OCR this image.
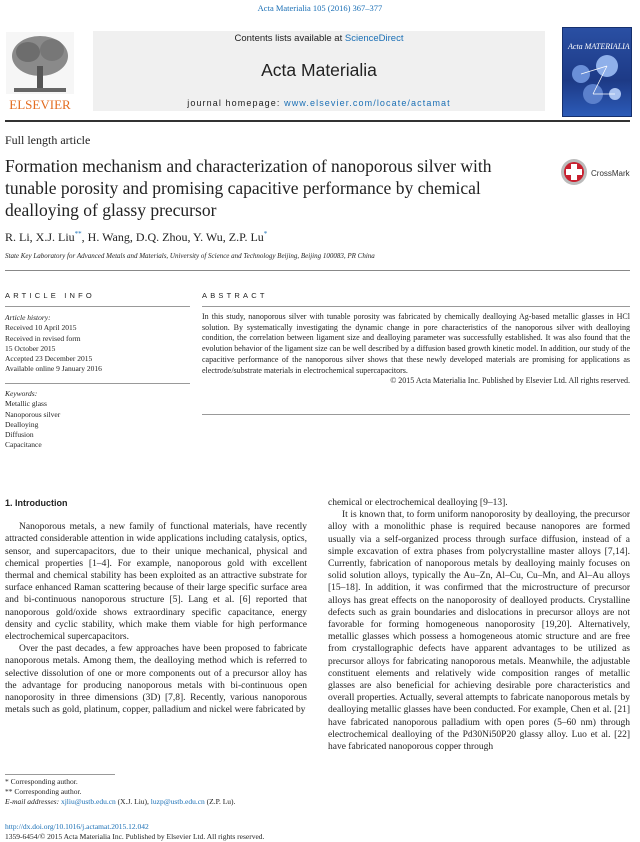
Acta Materialia 105 (2016) 367–377
ELSEVIER
Contents lists available at ScienceDirect
Acta Materialia
journal homepage: www.elsevier.com/locate/actamat
Acta MATERIALIA
Full length article
Formation mechanism and characterization of nanoporous silver with tunable porosity and promising capacitive performance by chemical dealloying of glassy precursor
CrossMark
R. Li, X.J. Liu**, H. Wang, D.Q. Zhou, Y. Wu, Z.P. Lu*
State Key Laboratory for Advanced Metals and Materials, University of Science and Technology Beijing, Beijing 100083, PR China
ARTICLE INFO	ABSTRACT
Article history:
Received 10 April 2015
Received in revised form
15 October 2015
Accepted 23 December 2015
Available online 9 January 2016
Keywords:
Metallic glass
Nanoporous silver
Dealloying
Diffusion
Capacitance
In this study, nanoporous silver with tunable porosity was fabricated by chemically dealloying Ag-based metallic glasses in HCl solution. By systematically investigating the dynamic change in pore characteristics of the nanoporous silver with dealloying condition, the correlation between ligament size and dealloying parameter was successfully established. It was also found that the evolution behavior of the ligament size can be well described by a diffusion based growth kinetic model. In addition, our study of the capacitive performance of the nanoporous silver shows that these newly developed materials are promising for applications as electrode/substrate materials in electrochemical supercapacitors.
© 2015 Acta Materialia Inc. Published by Elsevier Ltd. All rights reserved.

1. Introduction

Nanoporous metals, a new family of functional materials, have recently attracted considerable attention in wide applications including catalysis, optics, sensor, and supercapacitors, due to their unique mechanical, physical and chemical properties [1–4]. For example, nanoporous gold with excellent thermal and chemical stability has been exploited as an attractive substrate for surface enhanced Raman scattering because of their large specific surface area and bi-continuous nanoporous structure [5]. Lang et al. [6] reported that nanoporous gold/oxide shows extraordinary specific capacitance, energy density and cyclic stability, which make them viable for high performance electrochemical supercapacitors.

Over the past decades, a few approaches have been proposed to fabricate nanoporous metals. Among them, the dealloying method which is referred to selective dissolution of one or more components out of a precursor alloy has the advantage for producing nanoporous metals with bi-continuous open nanoporosity in three dimensions (3D) [7,8]. Recently, various nanoporous metals such as gold, platinum, copper, palladium and nickel were fabricated by

chemical or electrochemical dealloying [9–13].

It is known that, to form uniform nanoporosity by dealloying, the precursor alloy with a monolithic phase is required because nanopores are formed usually via a self-organized process through surface diffusion, instead of a simple excavation of extra phases from polycrystalline master alloys [7,14]. Currently, fabrication of nanoporous metals by dealloying mainly focuses on solid solution alloys, typically the Au–Zn, Al–Cu, Cu–Mn, and Al–Au alloys [15–18]. In addition, it was confirmed that the microstructure of precursor alloys has great effects on the nanoporosity of dealloyed products. Crystalline defects such as grain boundaries and dislocations in precursor alloys are not favorable for forming homogeneous nanoporosity [19,20]. Alternatively, metallic glasses which possess a homogeneous atomic structure and are free from crystallographic defects have apparent advantages to be utilized as precursor alloys for fabricating nanoporous metals. Meanwhile, the adjustable constituent elements and relatively wide composition ranges of metallic glasses are also beneficial for achieving desirable pore characteristics and overall properties. Actually, several attempts to fabricate nanoporous metals by dealloying metallic glasses have been conducted. For example, Chen et al. [21] have fabricated nanoporous palladium with open pores (5–60 nm) through electrochemical dealloying of the Pd30Ni50P20 glassy alloy. Luo et al. [22] have fabricated nanoporous copper through

* Corresponding author.
** Corresponding author.
E-mail addresses: xjliu@ustb.edu.cn (X.J. Liu), luzp@ustb.edu.cn (Z.P. Lu).
http://dx.doi.org/10.1016/j.actamat.2015.12.042
1359-6454/© 2015 Acta Materialia Inc. Published by Elsevier Ltd. All rights reserved.
